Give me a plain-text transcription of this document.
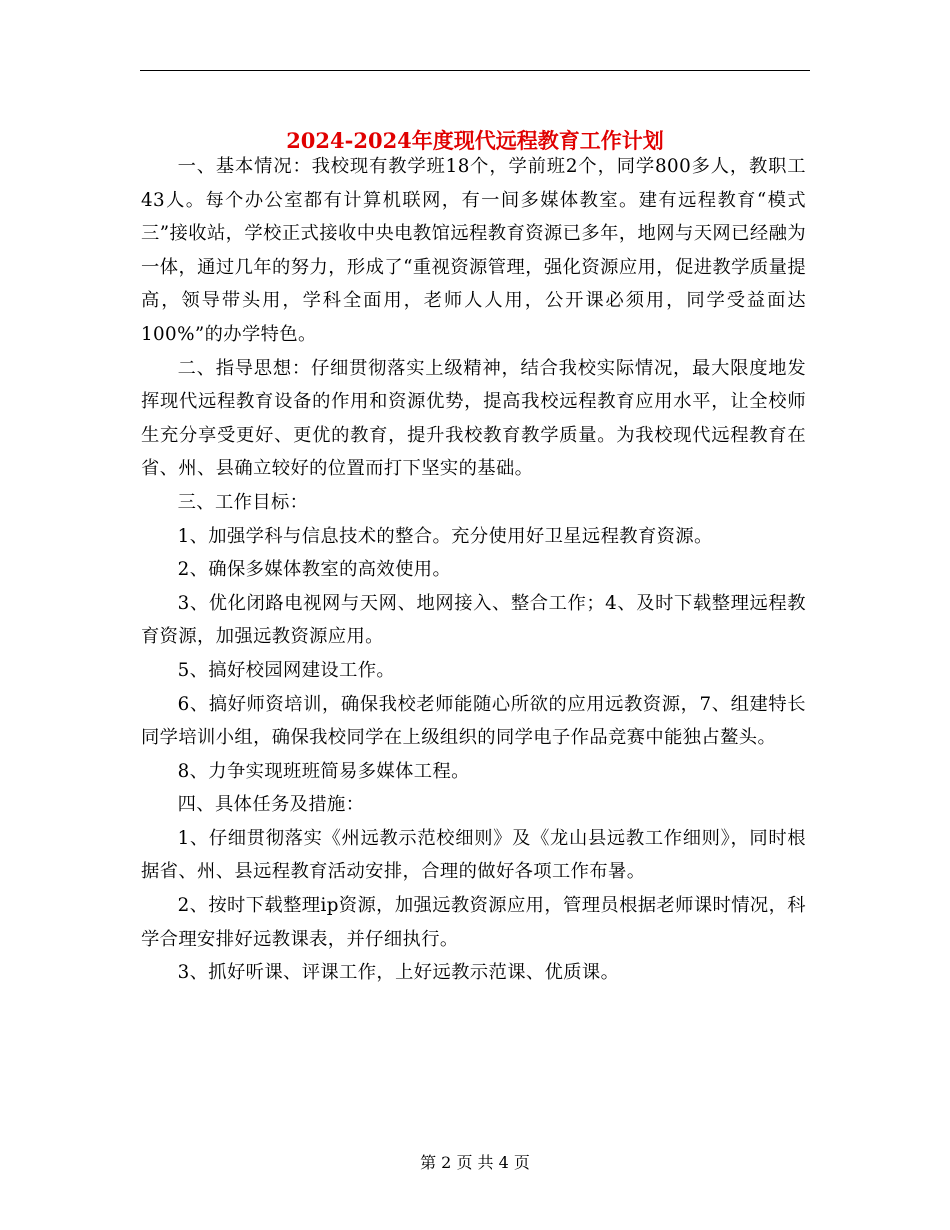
2024-2024年度现代远程教育工作计划

一、基本情况：我校现有教学班18个，学前班2个，同学800多人，教职工43人。每个办公室都有计算机联网，有一间多媒体教室。建有远程教育“模式三”接收站，学校正式接收中央电教馆远程教育资源已多年，地网与天网已经融为一体，通过几年的努力，形成了“重视资源管理，强化资源应用，促进教学质量提高，领导带头用，学科全面用，老师人人用，公开课必须用，同学受益面达100%”的办学特色。

二、指导思想：仔细贯彻落实上级精神，结合我校实际情况，最大限度地发挥现代远程教育设备的作用和资源优势，提高我校远程教育应用水平，让全校师生充分享受更好、更优的教育，提升我校教育教学质量。为我校现代远程教育在省、州、县确立较好的位置而打下坚实的基础。

三、工作目标：

1、加强学科与信息技术的整合。充分使用好卫星远程教育资源。

2、确保多媒体教室的高效使用。

3、优化闭路电视网与天网、地网接入、整合工作；4、及时下载整理远程教育资源，加强远教资源应用。

5、搞好校园网建设工作。

6、搞好师资培训，确保我校老师能随心所欲的应用远教资源，7、组建特长同学培训小组，确保我校同学在上级组织的同学电子作品竞赛中能独占鳌头。

8、力争实现班班简易多媒体工程。

四、具体任务及措施：

1、仔细贯彻落实《州远教示范校细则》及《龙山县远教工作细则》，同时根据省、州、县远程教育活动安排，合理的做好各项工作布暑。

2、按时下载整理ip资源，加强远教资源应用，管理员根据老师课时情况，科学合理安排好远教课表，并仔细执行。

3、抓好听课、评课工作，上好远教示范课、优质课。

第 2 页 共 4 页
